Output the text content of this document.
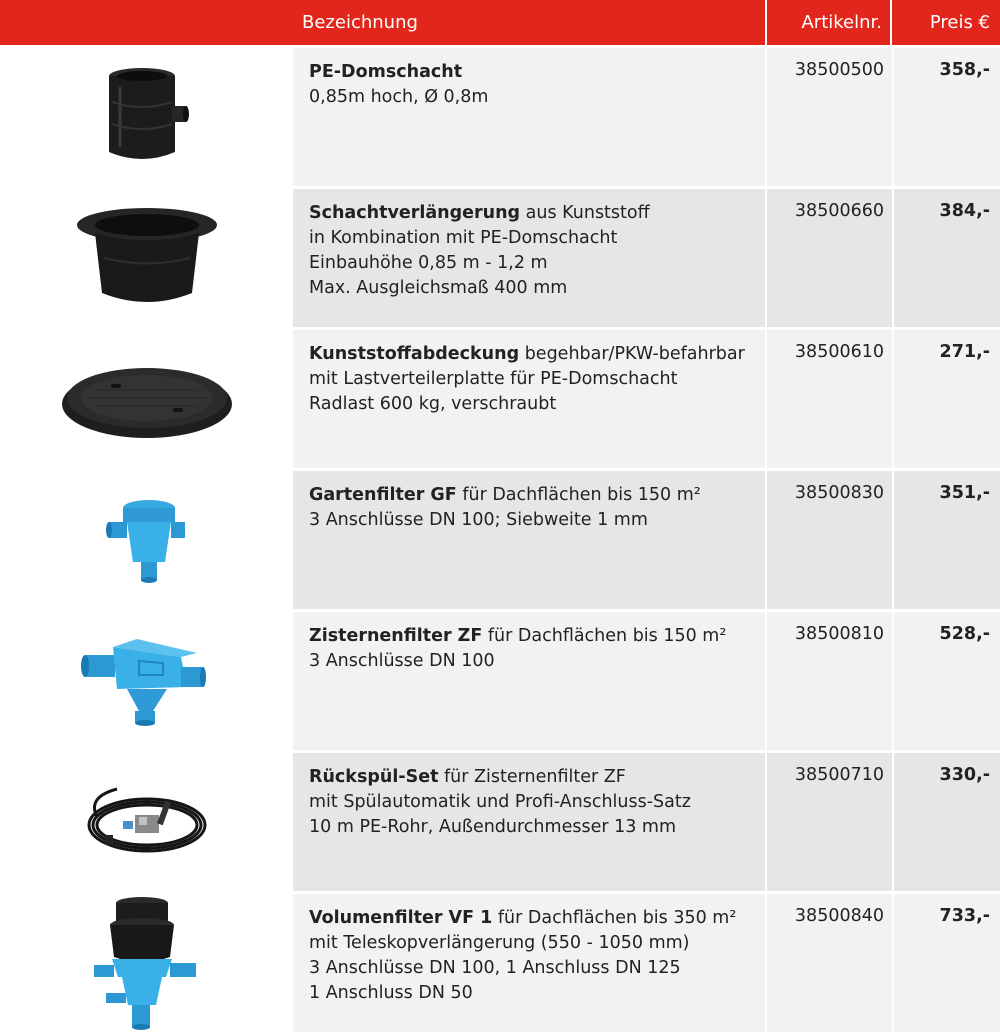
Bezeichnung	Artikelnr.	Preis €
PE-Domschacht
0,85m hoch, Ø 0,8m
38500500	358,-
Schachtverlängerung aus Kunststoff
in Kombination mit PE-Domschacht
Einbauhöhe 0,85 m - 1,2 m
Max. Ausgleichsmaß 400 mm
38500660	384,-
Kunststoffabdeckung begehbar/PKW-befahrbar
mit Lastverteilerplatte für PE-Domschacht
Radlast 600 kg, verschraubt
38500610	271,-
Gartenfilter GF für Dachflächen bis 150 m²
3 Anschlüsse DN 100; Siebweite 1 mm
38500830	351,-
Zisternenfilter ZF für Dachflächen bis 150 m²
3 Anschlüsse DN 100
38500810	528,-
Rückspül-Set für Zisternenfilter ZF
mit Spülautomatik und Profi-Anschluss-Satz
10 m PE-Rohr, Außendurchmesser 13 mm
38500710	330,-
Volumenfilter VF 1 für Dachflächen bis 350 m²
mit Teleskopverlängerung (550 - 1050 mm)
3 Anschlüsse DN 100, 1 Anschluss DN 125
1 Anschluss DN 50
38500840	733,-
